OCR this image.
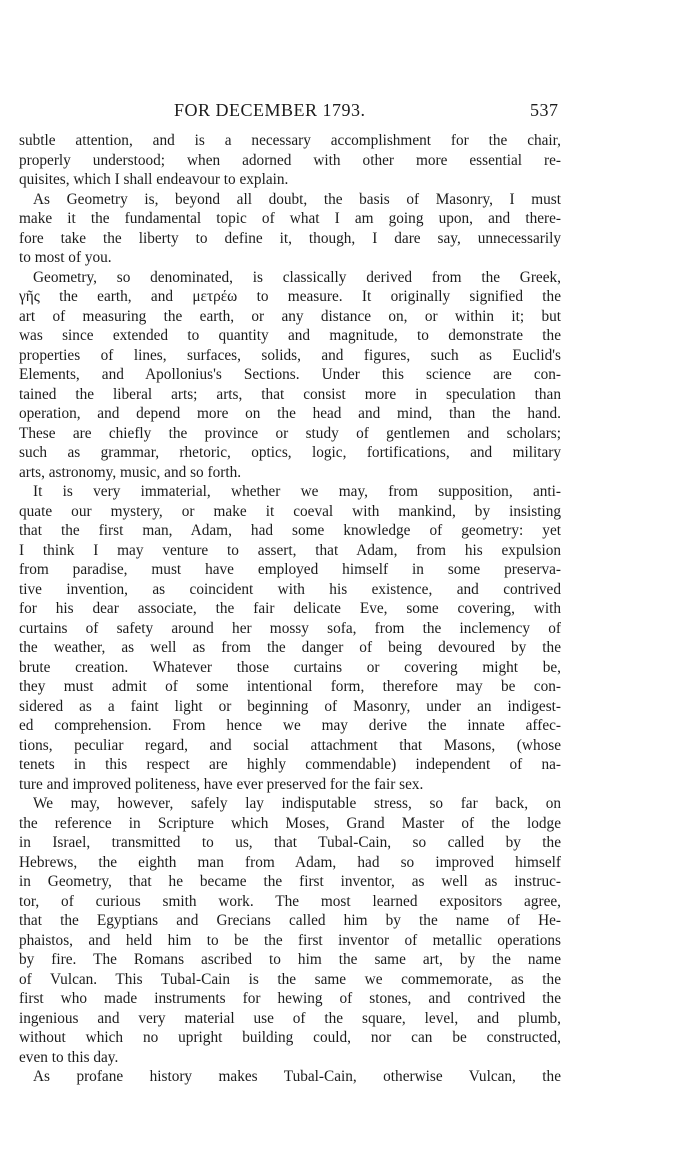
FOR DECEMBER 1793.	537
subtle attention, and is a necessary accomplishment for the chair,
properly understood; when adorned with other more essential re-
quisites, which I shall endeavour to explain.
As Geometry is, beyond all doubt, the basis of Masonry, I must
make it the fundamental topic of what I am going upon, and there-
fore take the liberty to define it, though, I dare say, unnecessarily
to most of you.
Geometry, so denominated, is classically derived from the Greek,
γῆς the earth, and μετρέω to measure. It originally signified the
art of measuring the earth, or any distance on, or within it; but
was since extended to quantity and magnitude, to demonstrate the
properties of lines, surfaces, solids, and figures, such as Euclid's
Elements, and Apollonius's Sections. Under this science are con-
tained the liberal arts; arts, that consist more in speculation than
operation, and depend more on the head and mind, than the hand.
These are chiefly the province or study of gentlemen and scholars;
such as grammar, rhetoric, optics, logic, fortifications, and military
arts, astronomy, music, and so forth.
It is very immaterial, whether we may, from supposition, anti-
quate our mystery, or make it coeval with mankind, by insisting
that the first man, Adam, had some knowledge of geometry: yet
I think I may venture to assert, that Adam, from his expulsion
from paradise, must have employed himself in some preserva-
tive invention, as coincident with his existence, and contrived
for his dear associate, the fair delicate Eve, some covering, with
curtains of safety around her mossy sofa, from the inclemency of
the weather, as well as from the danger of being devoured by the
brute creation. Whatever those curtains or covering might be,
they must admit of some intentional form, therefore may be con-
sidered as a faint light or beginning of Masonry, under an indigest-
ed comprehension. From hence we may derive the innate affec-
tions, peculiar regard, and social attachment that Masons, (whose
tenets in this respect are highly commendable) independent of na-
ture and improved politeness, have ever preserved for the fair sex.
We may, however, safely lay indisputable stress, so far back, on
the reference in Scripture which Moses, Grand Master of the lodge
in Israel, transmitted to us, that Tubal-Cain, so called by the
Hebrews, the eighth man from Adam, had so improved himself
in Geometry, that he became the first inventor, as well as instruc-
tor, of curious smith work. The most learned expositors agree,
that the Egyptians and Grecians called him by the name of He-
phaistos, and held him to be the first inventor of metallic operations
by fire. The Romans ascribed to him the same art, by the name
of Vulcan. This Tubal-Cain is the same we commemorate, as the
first who made instruments for hewing of stones, and contrived the
ingenious and very material use of the square, level, and plumb,
without which no upright building could, nor can be constructed,
even to this day.
As profane history makes Tubal-Cain, otherwise Vulcan, the
